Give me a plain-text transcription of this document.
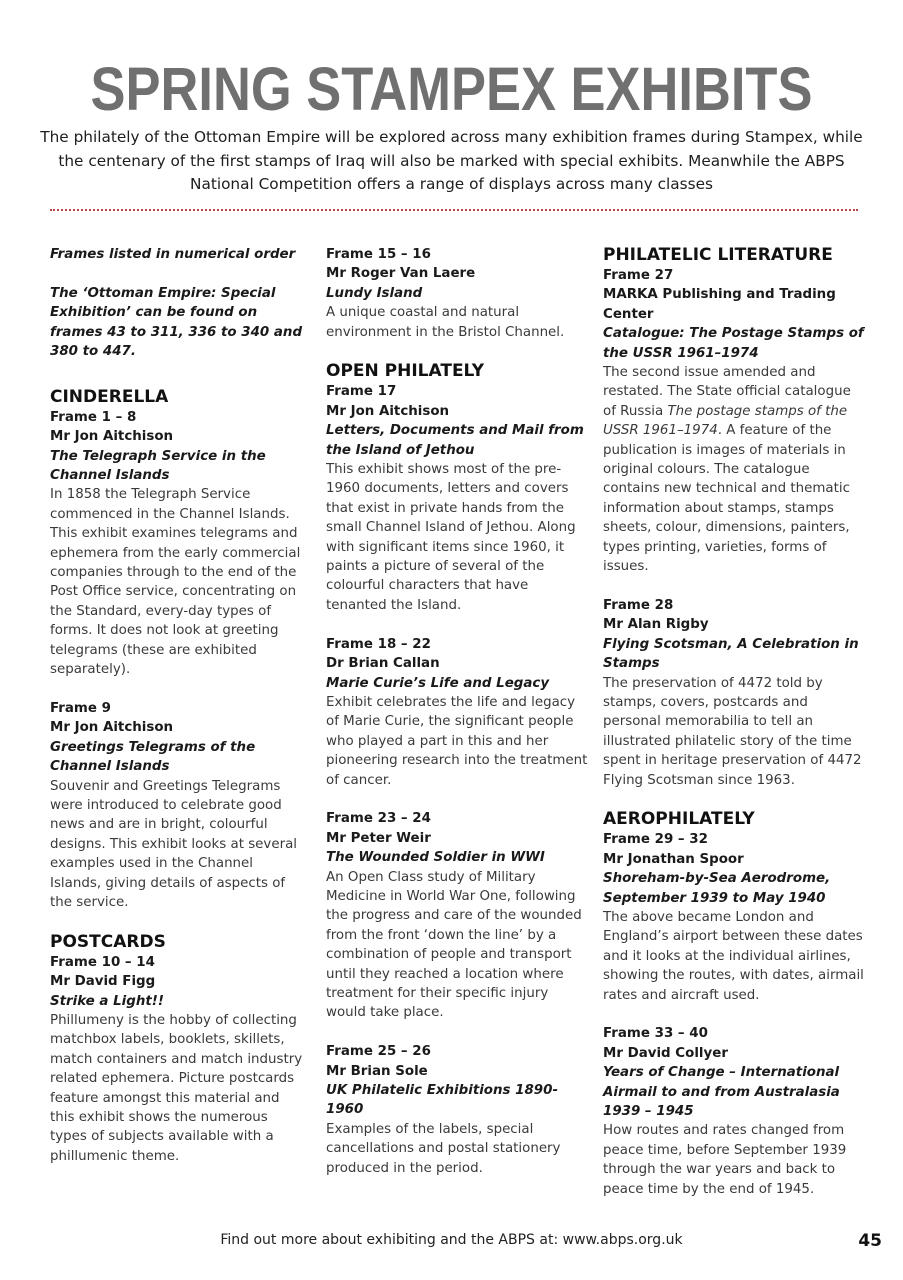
SPRING STAMPEX EXHIBITS
The philately of the Ottoman Empire will be explored across many exhibition frames during Stampex, while the centenary of the first stamps of Iraq will also be marked with special exhibits. Meanwhile the ABPS National Competition offers a range of displays across many classes

Frames listed in numerical order

The ‘Ottoman Empire: Special Exhibition’ can be found on frames 43 to 311, 336 to 340 and 380 to 447.

CINDERELLA

Frame 1 – 8

Mr Jon Aitchison

The Telegraph Service in the Channel Islands

In 1858 the Telegraph Service commenced in the Channel Islands. This exhibit examines telegrams and ephemera from the early commercial companies through to the end of the Post Office service, concentrating on the Standard, every-day types of forms. It does not look at greeting telegrams (these are exhibited separately).

Frame 9

Mr Jon Aitchison

Greetings Telegrams of the Channel Islands

Souvenir and Greetings Telegrams were introduced to celebrate good news and are in bright, colourful designs. This exhibit looks at several examples used in the Channel Islands, giving details of aspects of the service.

POSTCARDS

Frame 10 – 14

Mr David Figg

Strike a Light!!

Phillumeny is the hobby of collecting matchbox labels, booklets, skillets, match containers and match industry related ephemera. Picture postcards feature amongst this material and this exhibit shows the numerous types of subjects available with a phillumenic theme.

Frame 15 – 16

Mr Roger Van Laere

Lundy Island

A unique coastal and natural environment in the Bristol Channel.

OPEN PHILATELY

Frame 17

Mr Jon Aitchison

Letters, Documents and Mail from the Island of Jethou

This exhibit shows most of the pre-1960 documents, letters and covers that exist in private hands from the small Channel Island of Jethou. Along with significant items since 1960, it paints a picture of several of the colourful characters that have tenanted the Island.

Frame 18 – 22

Dr Brian Callan

Marie Curie’s Life and Legacy

Exhibit celebrates the life and legacy of Marie Curie, the significant people who played a part in this and her pioneering research into the treatment of cancer.

Frame 23 – 24

Mr Peter Weir

The Wounded Soldier in WWI

An Open Class study of Military Medicine in World War One, following the progress and care of the wounded from the front ‘down the line’ by a combination of people and transport until they reached a location where treatment for their specific injury would take place.

Frame 25 – 26

Mr Brian Sole

UK Philatelic Exhibitions 1890-1960

Examples of the labels, special cancellations and postal stationery produced in the period.

PHILATELIC LITERATURE

Frame 27

MARKA Publishing and Trading Center

Catalogue: The Postage Stamps of the USSR 1961–1974

The second issue amended and restated. The State official catalogue of Russia The postage stamps of the USSR 1961–1974. A feature of the publication is images of materials in original colours. The catalogue contains new technical and thematic information about stamps, stamps sheets, colour, dimensions, painters, types printing, varieties, forms of issues.

Frame 28

Mr Alan Rigby

Flying Scotsman, A Celebration in Stamps

The preservation of 4472 told by stamps, covers, postcards and personal memorabilia to tell an illustrated philatelic story of the time spent in heritage preservation of 4472 Flying Scotsman since 1963.

AEROPHILATELY

Frame 29 – 32

Mr Jonathan Spoor

Shoreham-by-Sea Aerodrome, September 1939 to May 1940

The above became London and England’s airport between these dates and it looks at the individual airlines, showing the routes, with dates, airmail rates and aircraft used.

Frame 33 – 40

Mr David Collyer

Years of Change – International Airmail to and from Australasia 1939 – 1945

How routes and rates changed from peace time, before September 1939 through the war years and back to peace time by the end of 1945.

Find out more about exhibiting and the ABPS at: www.abps.org.uk	45
